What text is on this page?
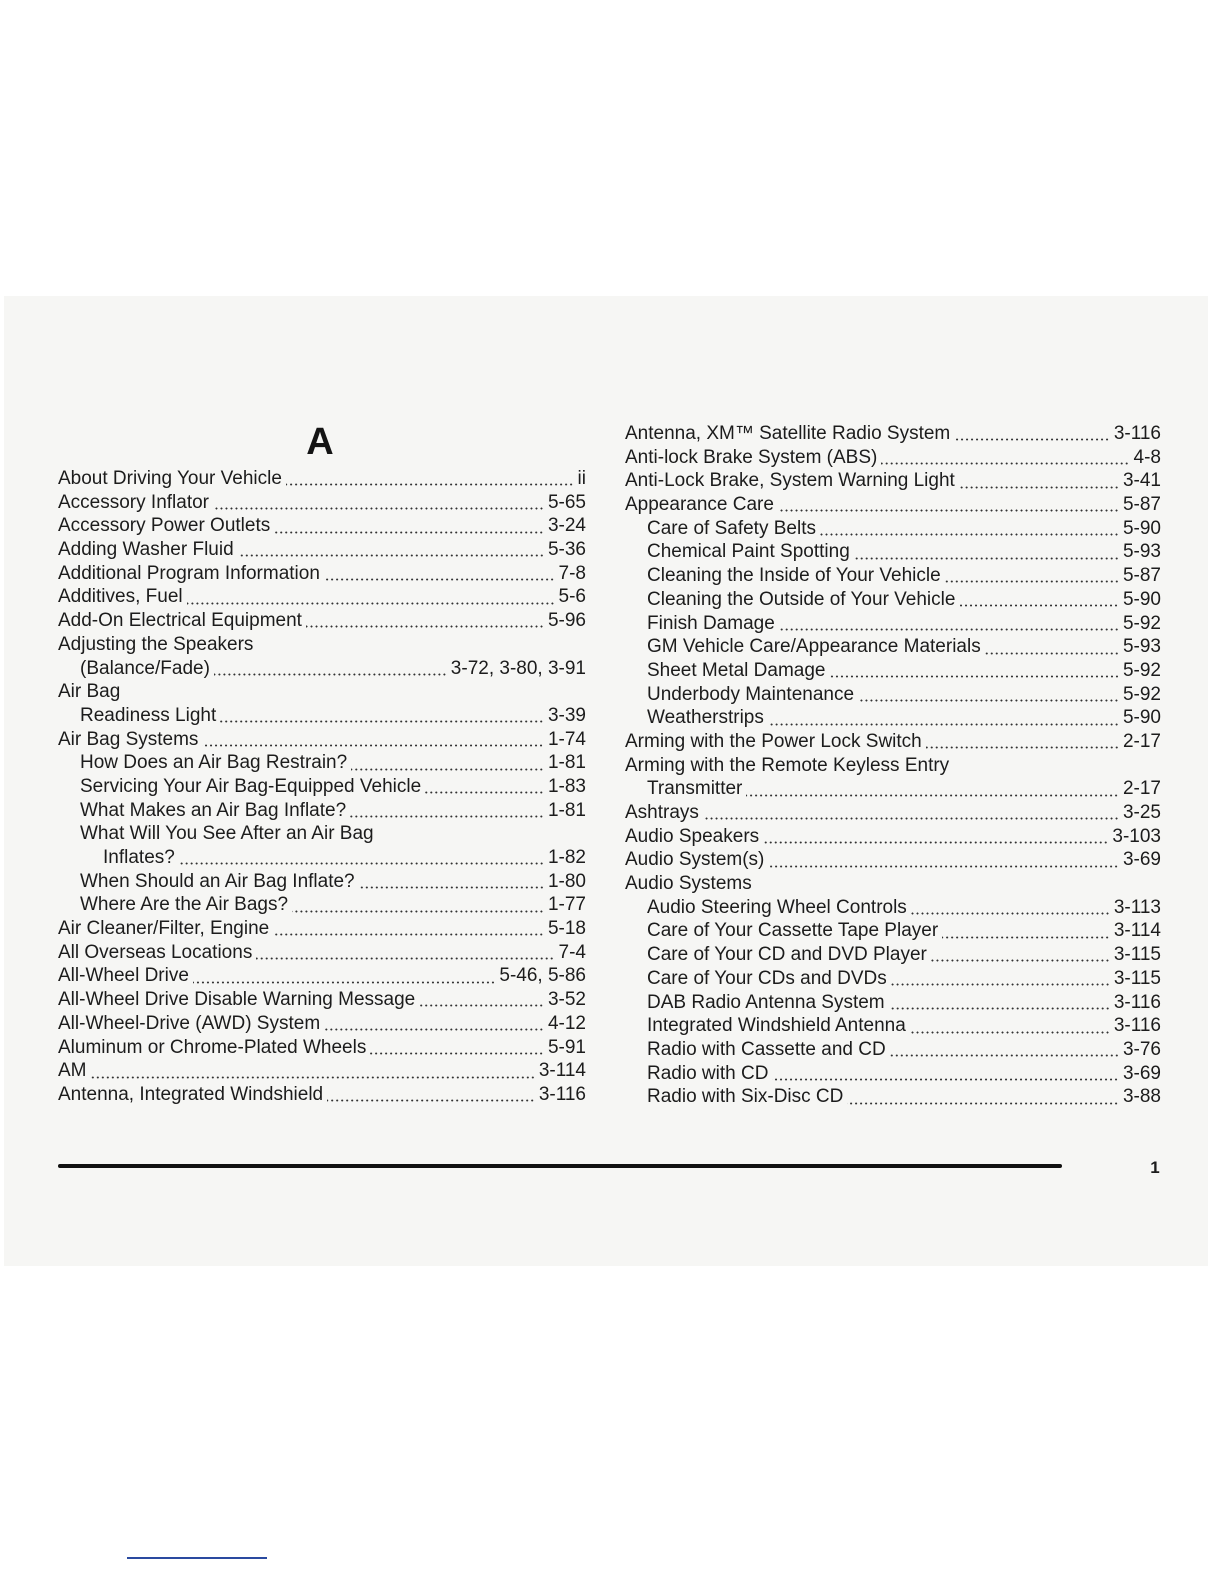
A
About Driving Your Vehicle	ii
Accessory Inflator	5-65
Accessory Power Outlets	3-24
Adding Washer Fluid	5-36
Additional Program Information	7-8
Additives, Fuel	5-6
Add-On Electrical Equipment	5-96
Adjusting the Speakers
(Balance/Fade)	3-72, 3-80, 3-91
Air Bag
Readiness Light	3-39
Air Bag Systems	1-74
How Does an Air Bag Restrain?	1-81
Servicing Your Air Bag-Equipped Vehicle	1-83
What Makes an Air Bag Inflate?	1-81
What Will You See After an Air Bag
Inflates?	1-82
When Should an Air Bag Inflate?	1-80
Where Are the Air Bags?	1-77
Air Cleaner/Filter, Engine	5-18
All Overseas Locations	7-4
All-Wheel Drive	5-46, 5-86
All-Wheel Drive Disable Warning Message	3-52
All-Wheel-Drive (AWD) System	4-12
Aluminum or Chrome-Plated Wheels	5-91
AM	3-114
Antenna, Integrated Windshield	3-116
Antenna, XM™ Satellite Radio System	3-116
Anti-lock Brake System (ABS)	4-8
Anti-Lock Brake, System Warning Light	3-41
Appearance Care	5-87
Care of Safety Belts	5-90
Chemical Paint Spotting	5-93
Cleaning the Inside of Your Vehicle	5-87
Cleaning the Outside of Your Vehicle	5-90
Finish Damage	5-92
GM Vehicle Care/Appearance Materials	5-93
Sheet Metal Damage	5-92
Underbody Maintenance	5-92
Weatherstrips	5-90
Arming with the Power Lock Switch	2-17
Arming with the Remote Keyless Entry
Transmitter	2-17
Ashtrays	3-25
Audio Speakers	3-103
Audio System(s)	3-69
Audio Systems
Audio Steering Wheel Controls	3-113
Care of Your Cassette Tape Player	3-114
Care of Your CD and DVD Player	3-115
Care of Your CDs and DVDs	3-115
DAB Radio Antenna System	3-116
Integrated Windshield Antenna	3-116
Radio with Cassette and CD	3-76
Radio with CD	3-69
Radio with Six-Disc CD	3-88
1
